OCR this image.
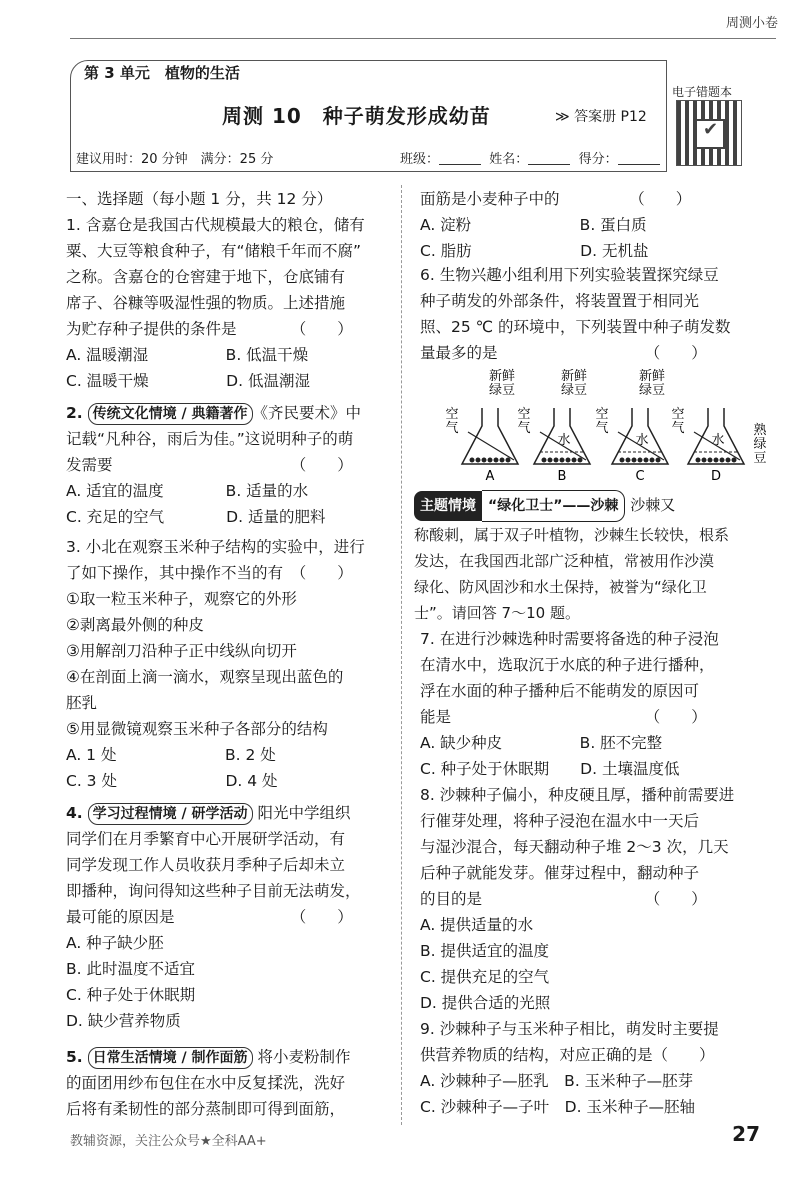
周测小卷
第 3 单元　植物的生活
周测 10　种子萌发形成幼苗	≫ 答案册 P12
建议用时：20 分钟　满分：25 分	班级：	姓名：	得分：
电子错题本
✔
一、选择题（每小题 1 分，共 12 分）
1. 含嘉仓是我国古代规模最大的粮仓，储有
粟、大豆等粮食种子，有“储粮千年而不腐”
之称。含嘉仓的仓窖建于地下，仓底铺有
席子、谷糠等吸湿性强的物质。上述措施
为贮存种子提供的条件是　　　　（　　）
A. 温暖潮湿　　　　　B. 低温干燥
C. 温暖干燥　　　　　D. 低温潮湿
2. 传统文化情境 / 典籍著作 《齐民要术》中
记载“凡种谷，雨后为佳。”这说明种子的萌
发需要　　　　　　　　　　　　（　　）
A. 适宜的温度　　　　B. 适量的水
C. 充足的空气　　　　D. 适量的肥料
3. 小北在观察玉米种子结构的实验中，进行
了如下操作，其中操作不当的有　（　　）
①取一粒玉米种子，观察它的外形
②剥离最外侧的种皮
③用解剖刀沿种子正中线纵向切开
④在剖面上滴一滴水，观察呈现出蓝色的
胚乳
⑤用显微镜观察玉米种子各部分的结构
A. 1 处　　　　　　　B. 2 处
C. 3 处　　　　　　　D. 4 处
4. 学习过程情境 / 研学活动 阳光中学组织
同学们在月季繁育中心开展研学活动，有
同学发现工作人员收获月季种子后却未立
即播种，询问得知这些种子目前无法萌发，
最可能的原因是　　　　　　　　（　　）
A. 种子缺少胚
B. 此时温度不适宜
C. 种子处于休眠期
D. 缺少营养物质
5. 日常生活情境 / 制作面筋 将小麦粉制作
的面团用纱布包住在水中反复揉洗，洗好
后将有柔韧性的部分蒸制即可得到面筋，
面筋是小麦种子中的　　　　　（　　）
A. 淀粉　　　　　　　B. 蛋白质
C. 脂肪　　　　　　　D. 无机盐
6. 生物兴趣小组利用下列实验装置探究绿豆
种子萌发的外部条件，将装置置于相同光
照、25 ℃ 的环境中，下列装置中种子萌发数
量最多的是　　　　　　　　　　（　　）
A
新鲜绿豆
空气
B
新鲜绿豆
空气
水
C
新鲜绿豆
空气
水
D
空气
水
熟绿豆
主题情境 “绿化卫士”——沙棘 沙棘又
称酸刺，属于双子叶植物，沙棘生长较快，根系
发达，在我国西北部广泛种植，常被用作沙漠
绿化、防风固沙和水土保持，被誉为“绿化卫
士”。请回答 7～10 题。
7. 在进行沙棘选种时需要将备选的种子浸泡
在清水中，选取沉于水底的种子进行播种，
浮在水面的种子播种后不能萌发的原因可
能是　　　　　　　　　　　　　（　　）
A. 缺少种皮　　　　　B. 胚不完整
C. 种子处于休眠期　　D. 土壤温度低
8. 沙棘种子偏小，种皮硬且厚，播种前需要进
行催芽处理，将种子浸泡在温水中一天后
与湿沙混合，每天翻动种子堆 2～3 次，几天
后种子就能发芽。催芽过程中，翻动种子
的目的是　　　　　　　　　　　（　　）
A. 提供适量的水
B. 提供适宜的温度
C. 提供充足的空气
D. 提供合适的光照
9. 沙棘种子与玉米种子相比，萌发时主要提
供营养物质的结构，对应正确的是（　　）
A. 沙棘种子—胚乳　B. 玉米种子—胚芽
C. 沙棘种子—子叶　D. 玉米种子—胚轴
教辅资源，关注公众号★全科AA+	27
